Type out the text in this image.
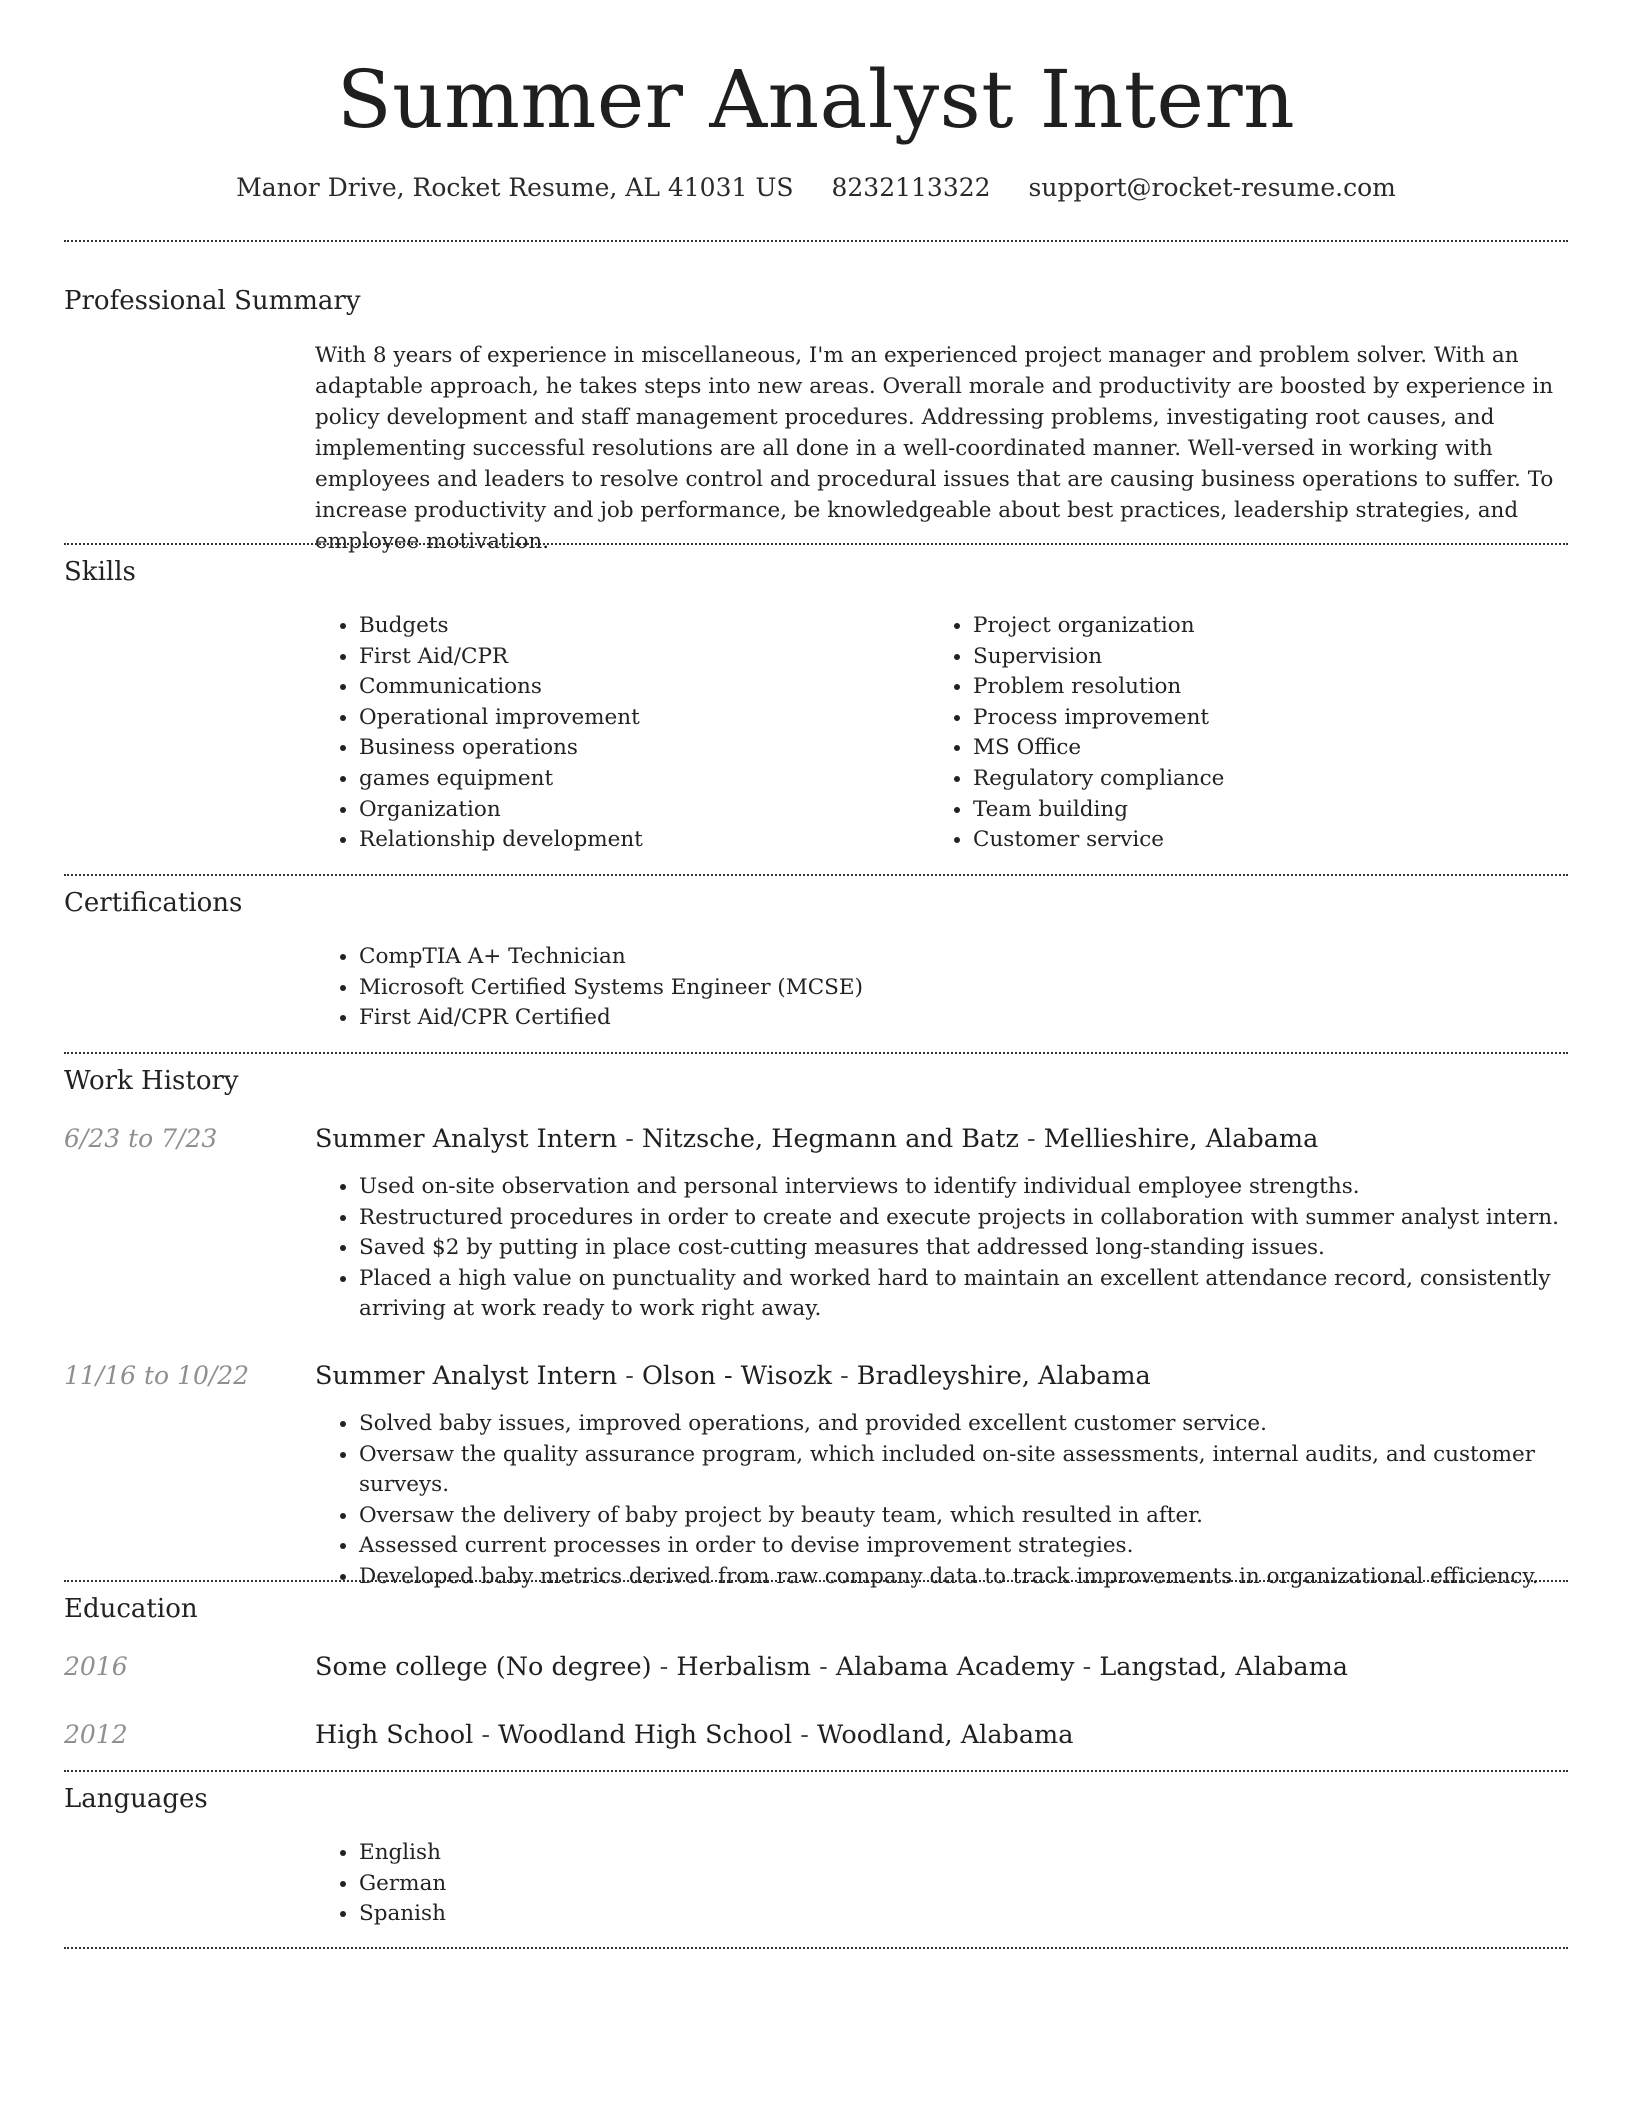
Summer Analyst Intern
Manor Drive, Rocket Resume, AL 41031 US 8232113322 support@rocket-resume.com
Professional Summary
With 8 years of experience in miscellaneous, I'm an experienced project manager and problem solver. With an adaptable approach, he takes steps into new areas. Overall morale and productivity are boosted by experience in policy development and staff management procedures. Addressing problems, investigating root causes, and implementing successful resolutions are all done in a well-coordinated manner. Well-versed in working with employees and leaders to resolve control and procedural issues that are causing business operations to suffer. To increase productivity and job performance, be knowledgeable about best practices, leadership strategies, and employee motivation.
Skills
• Budgets
• First Aid/CPR
• Communications
• Operational improvement
• Business operations
• games equipment
• Organization
• Relationship development
• Project organization
• Supervision
• Problem resolution
• Process improvement
• MS Office
• Regulatory compliance
• Team building
• Customer service
Certifications
• CompTIA A+ Technician
• Microsoft Certified Systems Engineer (MCSE)
• First Aid/CPR Certified
Work History
6/23 to 7/23	Summer Analyst Intern - Nitzsche, Hegmann and Batz - Mellieshire, Alabama
• Used on-site observation and personal interviews to identify individual employee strengths.
• Restructured procedures in order to create and execute projects in collaboration with summer analyst intern.
• Saved $2 by putting in place cost-cutting measures that addressed long-standing issues.
• Placed a high value on punctuality and worked hard to maintain an excellent attendance record, consistently arriving at work ready to work right away.
11/16 to 10/22	Summer Analyst Intern - Olson - Wisozk - Bradleyshire, Alabama
• Solved baby issues, improved operations, and provided excellent customer service.
• Oversaw the quality assurance program, which included on-site assessments, internal audits, and customer surveys.
• Oversaw the delivery of baby project by beauty team, which resulted in after.
• Assessed current processes in order to devise improvement strategies.
• Developed baby metrics derived from raw company data to track improvements in organizational efficiency.
Education
2016	Some college (No degree) - Herbalism - Alabama Academy - Langstad, Alabama
2012	High School - Woodland High School - Woodland, Alabama
Languages
• English
• German
• Spanish
